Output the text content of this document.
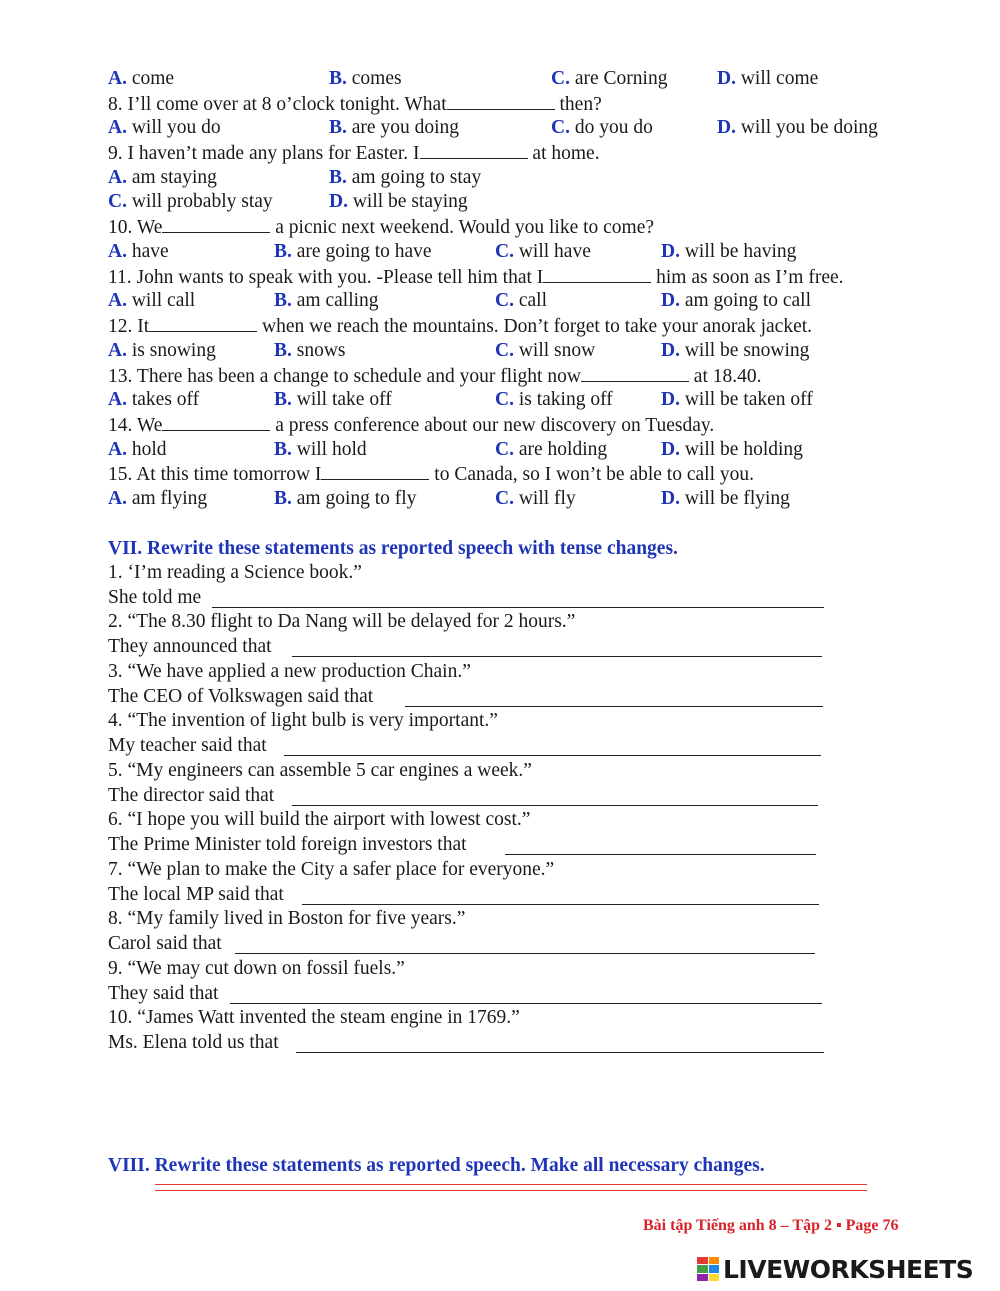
A. come	B. comes	C. are Corning	D. will come
8. I’ll come over at 8 o’clock tonight. What	then?
A. will you do	B. are you doing	C. do you do	D. will you be doing
9. I haven’t made any plans for Easter. I	at home.
A. am staying	B. am going to stay
C. will probably stay	D. will be staying
10. We	a picnic next weekend. Would you like to come?
A. have	B. are going to have	C. will have	D. will be having
11. John wants to speak with you. -Please tell him that I	him as soon as I’m free.
A. will call	B. am calling	C. call	D. am going to call
12. It	when we reach the mountains. Don’t forget to take your anorak jacket.
A. is snowing	B. snows	C. will snow	D. will be snowing
13. There has been a change to schedule and your flight now	at 18.40.
A. takes off	B. will take off	C. is taking off D. will be taken off
14. We	a press conference about our new discovery on Tuesday.
A. hold	B. will hold	C. are holding	D. will be holding
15. At this time tomorrow I	to Canada, so I won’t be able to call you.
A. am flying	B. am going to fly	C. will fly	D. will be flying
VII. Rewrite these statements as reported speech with tense changes.
1. ‘I’m reading a Science book.”
She told me
2. “The 8.30 flight to Da Nang will be delayed for 2 hours.”
They announced that
3. “We have applied a new production Chain.”
The CEO of Volkswagen said that
4. “The invention of light bulb is very important.”
My teacher said that
5. “My engineers can assemble 5 car engines a week.”
The director said that
6. “I hope you will build the airport with lowest cost.”
The Prime Minister told foreign investors that
7. “We plan to make the City a safer place for everyone.”
The local MP said that
8. “My family lived in Boston for five years.”
Carol said that
9. “We may cut down on fossil fuels.”
They said that
10. “James Watt invented the steam engine in 1769.”
Ms. Elena told us that
VIII. Rewrite these statements as reported speech. Make all necessary changes.
Bài tập Tiếng anh 8 – Tập 2 ▪ Page 76
LIVEWORKSHEETS
